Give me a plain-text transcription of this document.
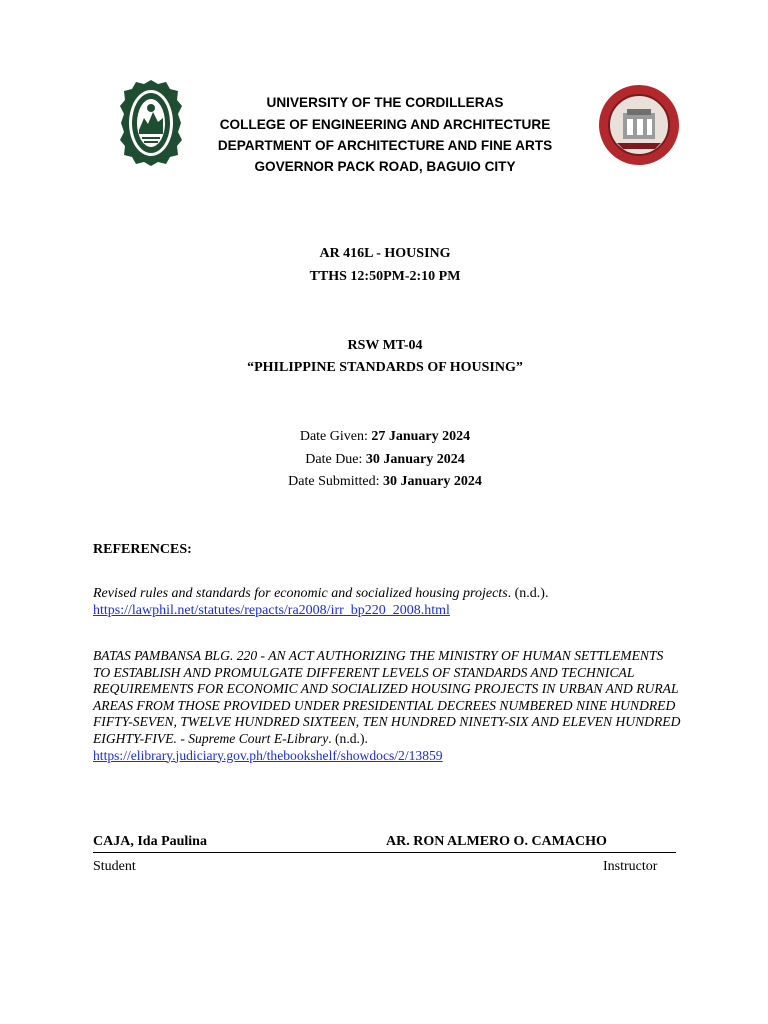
UNIVERSITY OF THE CORDILLERAS
COLLEGE OF ENGINEERING AND ARCHITECTURE
DEPARTMENT OF ARCHITECTURE AND FINE ARTS
GOVERNOR PACK ROAD, BAGUIO CITY
AR 416L - HOUSING
TTHS 12:50PM-2:10 PM
RSW MT-04
“PHILIPPINE STANDARDS OF HOUSING”
Date Given: 27 January 2024
Date Due: 30 January 2024
Date Submitted: 30 January 2024
REFERENCES:
Revised rules and standards for economic and socialized housing projects. (n.d.).
https://lawphil.net/statutes/repacts/ra2008/irr_bp220_2008.html
BATAS PAMBANSA BLG. 220 - AN ACT AUTHORIZING THE MINISTRY OF HUMAN SETTLEMENTS TO ESTABLISH AND PROMULGATE DIFFERENT LEVELS OF STANDARDS AND TECHNICAL REQUIREMENTS FOR ECONOMIC AND SOCIALIZED HOUSING PROJECTS IN URBAN AND RURAL AREAS FROM THOSE PROVIDED UNDER PRESIDENTIAL DECREES NUMBERED NINE HUNDRED FIFTY-SEVEN, TWELVE HUNDRED SIXTEEN, TEN HUNDRED NINETY-SIX AND ELEVEN HUNDRED EIGHTY-FIVE. - Supreme Court E-Library. (n.d.).
https://elibrary.judiciary.gov.ph/thebookshelf/showdocs/2/13859
CAJA, Ida Paulina	AR. RON ALMERO O. CAMACHO
Student	Instructor
